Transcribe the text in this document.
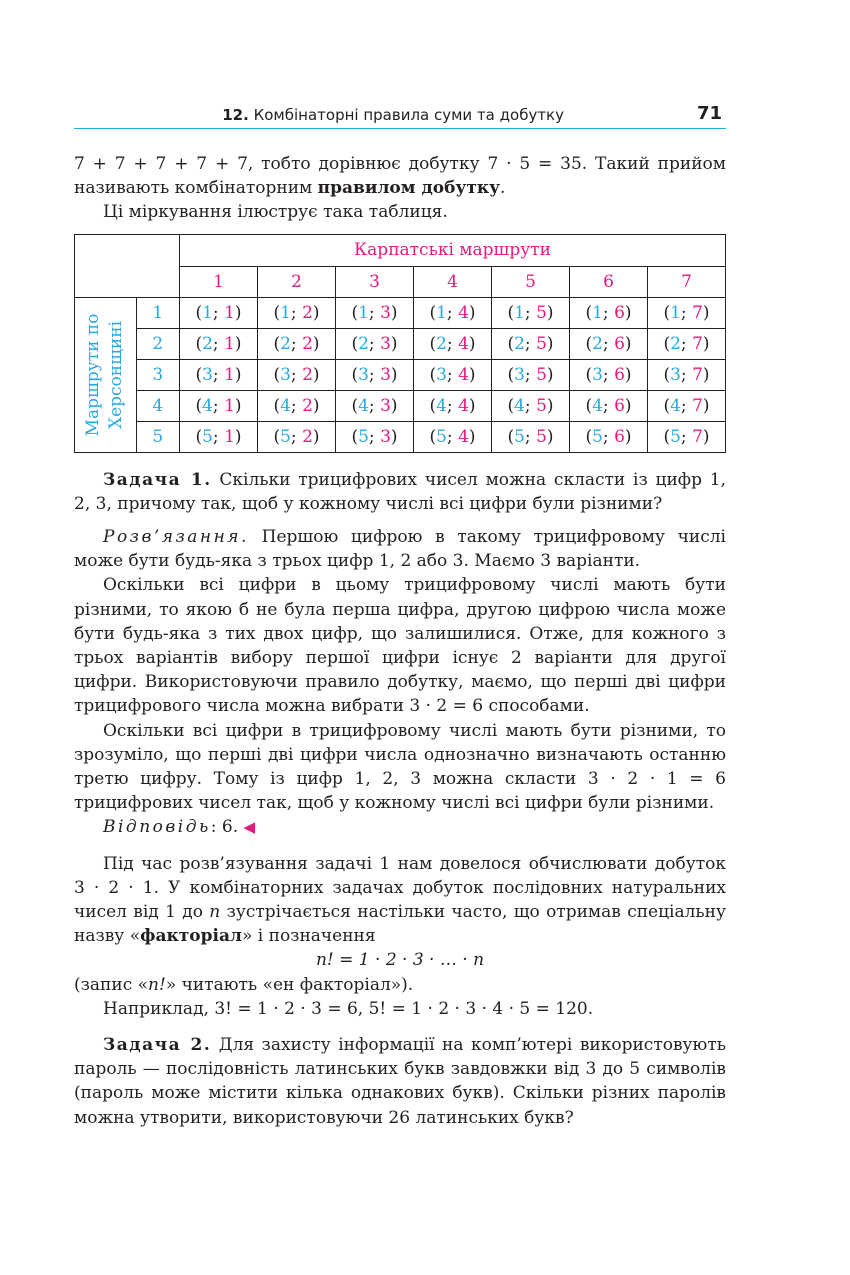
12. Комбінаторні правила суми та добутку	71

7 + 7 + 7 + 7 + 7, тобто дорівнює добутку 7 · 5 = 35. Такий прийом називають комбінаторним правилом добутку.

Ці міркування ілюструє така таблиця.

		Карпатські маршрути						
		1	2	3	4	5	6	7

Маршрути по Херсонщині	1	(1; 1)	(1; 2)	(1; 3)	(1; 4)	(1; 5)	(1; 6)	(1; 7)
	2	(2; 1)	(2; 2)	(2; 3)	(2; 4)	(2; 5)	(2; 6)	(2; 7)
	3	(3; 1)	(3; 2)	(3; 3)	(3; 4)	(3; 5)	(3; 6)	(3; 7)
	4	(4; 1)	(4; 2)	(4; 3)	(4; 4)	(4; 5)	(4; 6)	(4; 7)
	5	(5; 1)	(5; 2)	(5; 3)	(5; 4)	(5; 5)	(5; 6)	(5; 7)

Задача 1. Скільки трицифрових чисел можна скласти із цифр 1, 2, 3, причому так, щоб у кожному числі всі цифри були різними?

Розв’язання. Першою цифрою в такому трицифровому числі може бути будь-яка з трьох цифр 1, 2 або 3. Маємо 3 варіанти.

Оскільки всі цифри в цьому трицифровому числі мають бути різними, то якою б не була перша цифра, другою цифрою числа може бути будь-яка з тих двох цифр, що залишилися. Отже, для кожного з трьох варіантів вибору першої цифри існує 2 варіанти для другої цифри. Використовуючи правило добутку, маємо, що перші дві цифри трицифрового числа можна вибрати 3 · 2 = 6 способами.

Оскільки всі цифри в трицифровому числі мають бути різними, то зрозуміло, що перші дві цифри числа однозначно визначають останню третю цифру. Тому із цифр 1, 2, 3 можна скласти 3 · 2 · 1 = 6 трицифрових чисел так, щоб у кожному числі всі цифри були різними.

Відповідь: 6. ◀

Під час розв’язування задачі 1 нам довелося обчислювати добуток 3 · 2 · 1. У комбінаторних задачах добуток послідовних натуральних чисел від 1 до n зустрічається настільки часто, що отримав спеціальну назву «факторіал» і позначення

n! = 1 · 2 · 3 · … · n

(запис «n!» читають «ен факторіал»).

Наприклад, 3! = 1 · 2 · 3 = 6, 5! = 1 · 2 · 3 · 4 · 5 = 120.

Задача 2. Для захисту інформації на комп’ютері використовують пароль — послідовність латинських букв завдовжки від 3 до 5 символів (пароль може містити кілька однакових букв). Скільки різних паролів можна утворити, використовуючи 26 латинських букв?
